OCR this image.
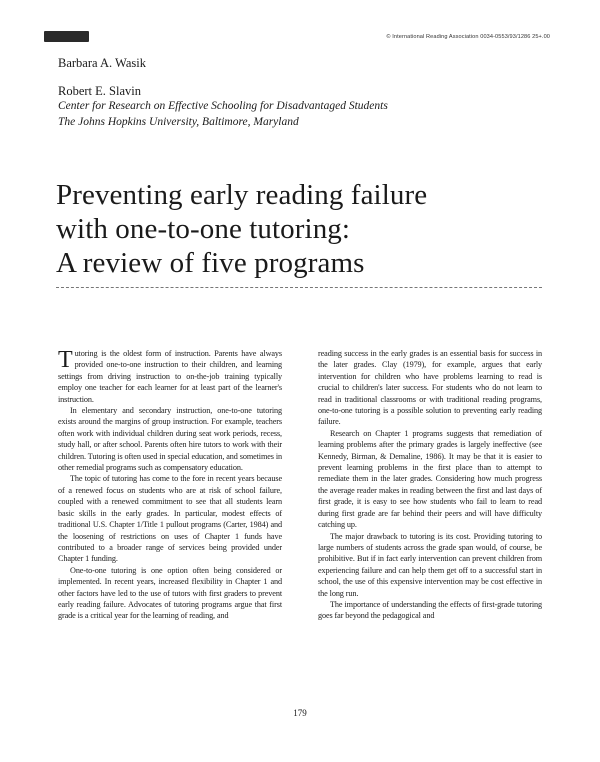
© International Reading Association 0034-0553/93/1286 25+.00
Barbara A. Wasik
Robert E. Slavin
Center for Research on Effective Schooling for Disadvantaged Students
The Johns Hopkins University, Baltimore, Maryland
Preventing early reading failure
with one-to-one tutoring:
A review of five programs

Tutoring is the oldest form of instruction. Parents have always provided one-to-one instruction to their children, and learning settings from driving instruction to on-the-job training typically employ one teacher for each learner for at least part of the learner's instruction.

In elementary and secondary instruction, one-to-one tutoring exists around the margins of group instruction. For example, teachers often work with individual children during seat work periods, recess, study hall, or after school. Parents often hire tutors to work with their children. Tutoring is often used in special education, and sometimes in other remedial programs such as compensatory education.

The topic of tutoring has come to the fore in recent years because of a renewed focus on students who are at risk of school failure, coupled with a renewed commitment to see that all students learn basic skills in the early grades. In particular, modest effects of traditional U.S. Chapter 1/Title 1 pullout programs (Carter, 1984) and the loosening of restrictions on uses of Chapter 1 funds have contributed to a broader range of services being provided under Chapter 1 funding.

One-to-one tutoring is one option often being considered or implemented. In recent years, increased flexibility in Chapter 1 and other factors have led to the use of tutors with first graders to prevent early reading failure. Advocates of tutoring programs argue that first grade is a critical year for the learning of reading, and

reading success in the early grades is an essential basis for success in the later grades. Clay (1979), for example, argues that early intervention for children who have problems learning to read is crucial to children's later success. For students who do not learn to read in traditional classrooms or with traditional reading programs, one-to-one tutoring is a possible solution to preventing early reading failure.

Research on Chapter 1 programs suggests that remediation of learning problems after the primary grades is largely ineffective (see Kennedy, Birman, & Demaline, 1986). It may be that it is easier to prevent learning problems in the first place than to attempt to remediate them in the later grades. Considering how much progress the average reader makes in reading between the first and last days of first grade, it is easy to see how students who fail to learn to read during first grade are far behind their peers and will have difficulty catching up.

The major drawback to tutoring is its cost. Providing tutoring to large numbers of students across the grade span would, of course, be prohibitive. But if in fact early intervention can prevent children from experiencing failure and can help them get off to a successful start in school, the use of this expensive intervention may be cost effective in the long run.

The importance of understanding the effects of first-grade tutoring goes far beyond the pedagogical and

179
